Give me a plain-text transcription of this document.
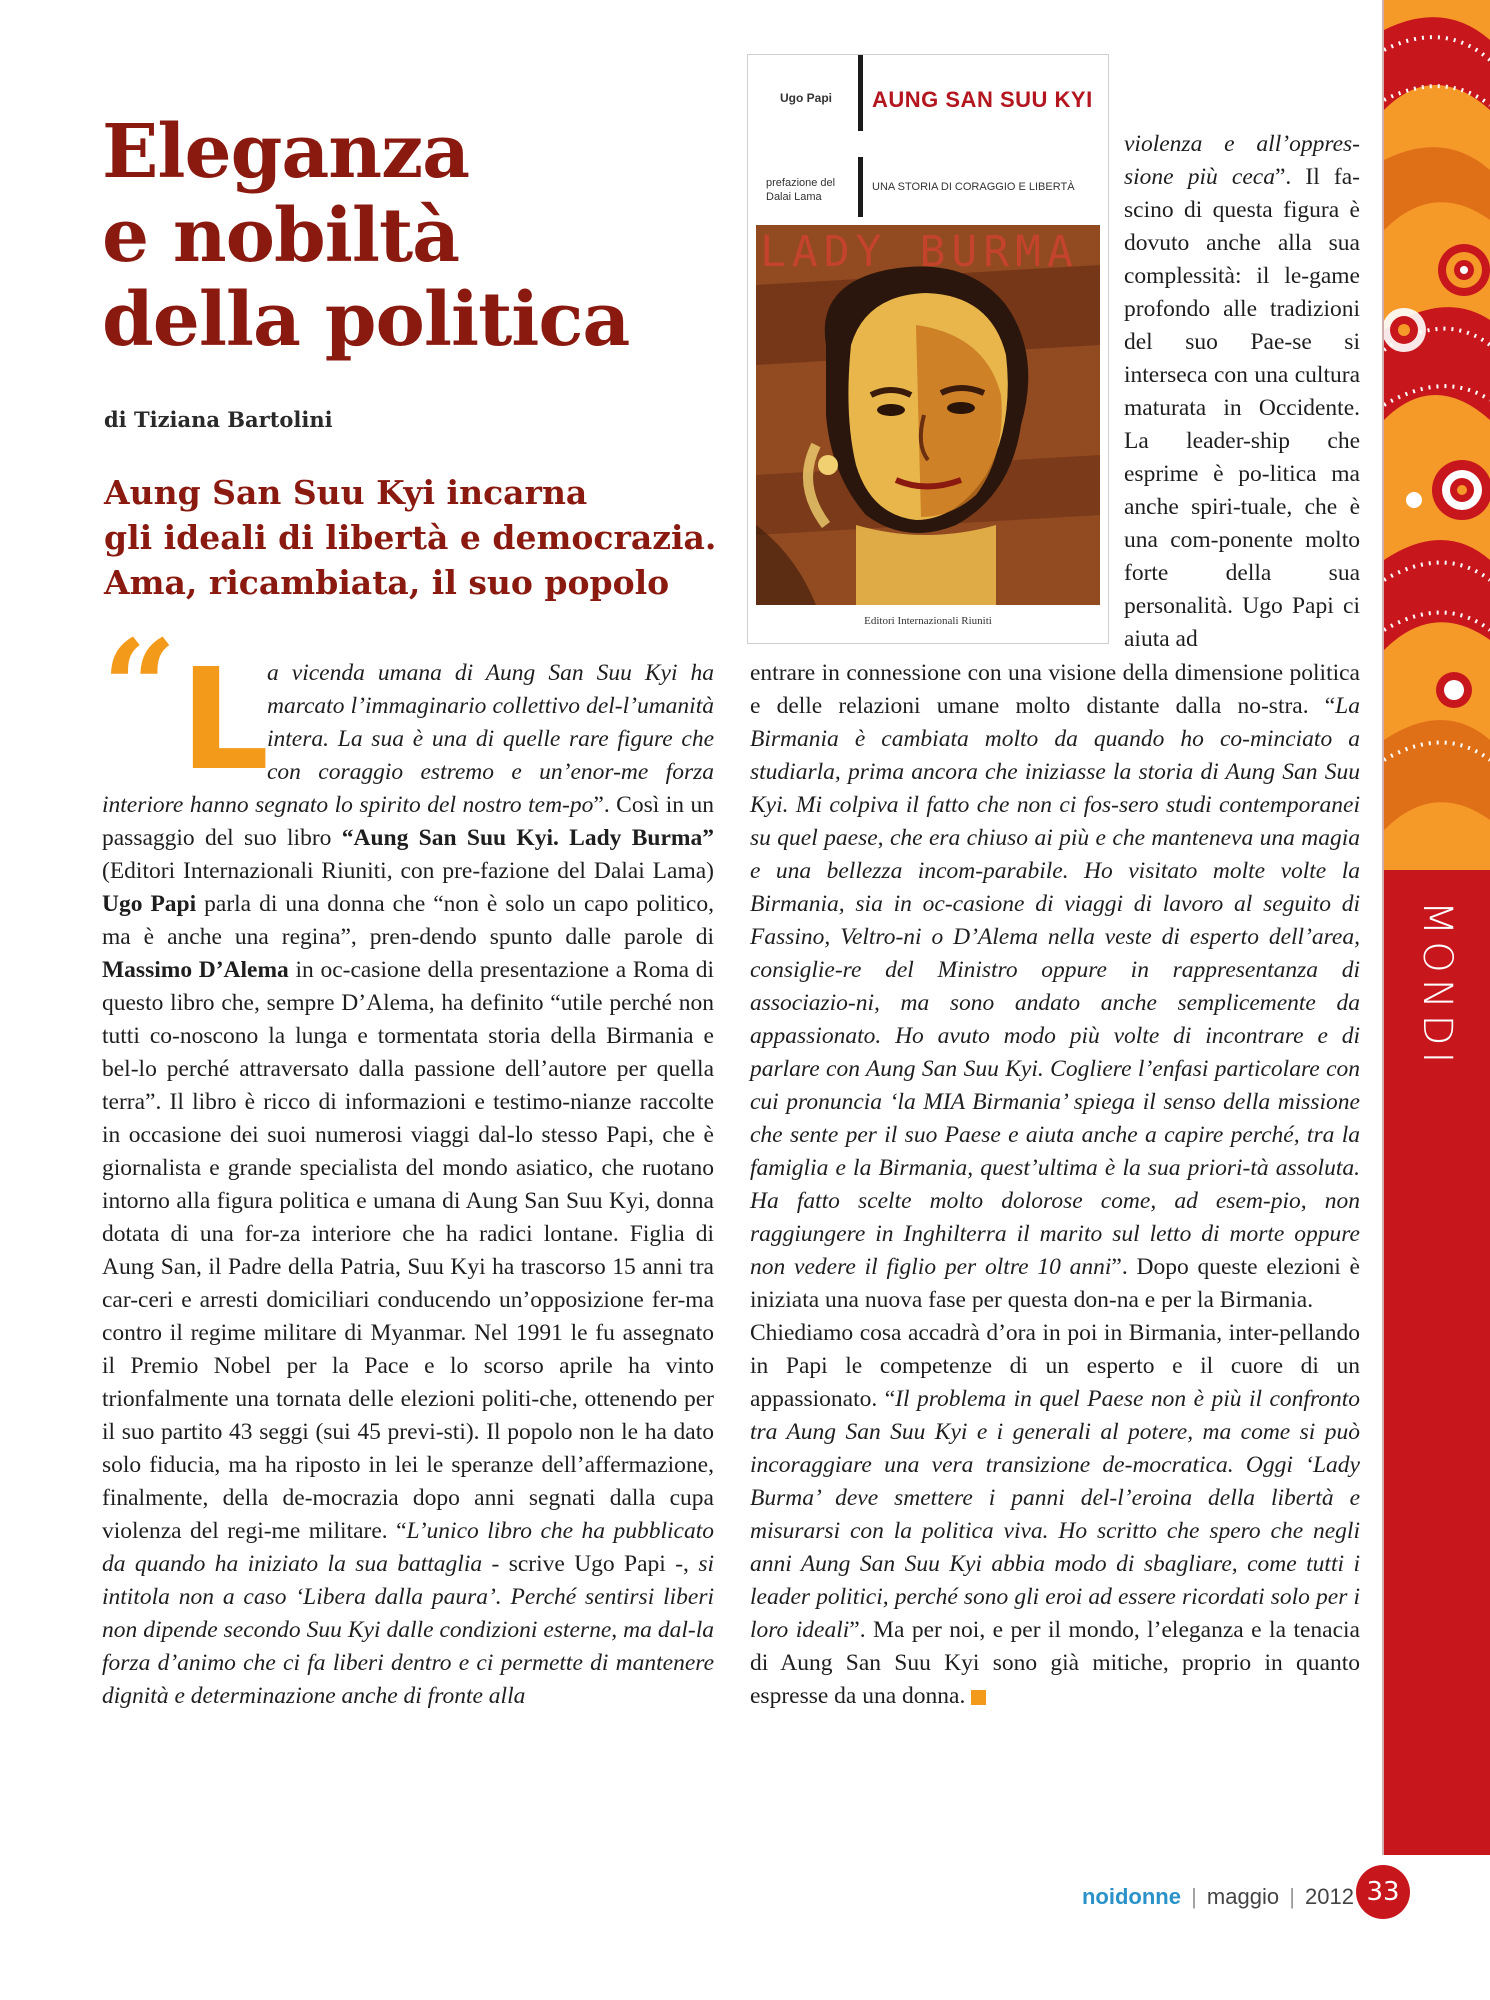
Eleganza
e nobiltà
della politica
di Tiziana Bartolini
Aung San Suu Kyi incarna
gli ideali di libertà e democrazia.
Ama, ricambiata, il suo popolo
Ugo Papi AUNG SAN SUU KYI
prefazione del
Dalai Lama
UNA STORIA DI CORAGGIO E LIBERTÀ
LADY BURMA
Editori Internazionali Riuniti

“ L
a vicenda umana di Aung San Suu Kyi ha marcato l’immaginario collettivo del-l’umanità intera. La sua è una di quelle rare figure che con coraggio estremo e un’enor-me forza interiore hanno segnato lo spirito del nostro tem-po”. Così in un passaggio del suo libro “Aung San Suu Kyi. Lady Burma” (Editori Internazionali Riuniti, con pre-fazione del Dalai Lama) Ugo Papi parla di una donna che “non è solo un capo politico, ma è anche una regina”, pren-dendo spunto dalle parole di Massimo D’Alema in oc-casione della presentazione a Roma di questo libro che, sempre D’Alema, ha definito “utile perché non tutti co-noscono la lunga e tormentata storia della Birmania e bel-lo perché attraversato dalla passione dell’autore per quella terra”. Il libro è ricco di informazioni e testimo-nianze raccolte in occasione dei suoi numerosi viaggi dal-lo stesso Papi, che è giornalista e grande specialista del mondo asiatico, che ruotano intorno alla figura politica e umana di Aung San Suu Kyi, donna dotata di una for-za interiore che ha radici lontane. Figlia di Aung San, il Padre della Patria, Suu Kyi ha trascorso 15 anni tra car-ceri e arresti domiciliari conducendo un’opposizione fer-ma contro il regime militare di Myanmar. Nel 1991 le fu assegnato il Premio Nobel per la Pace e lo scorso aprile ha vinto trionfalmente una tornata delle elezioni politi-che, ottenendo per il suo partito 43 seggi (sui 45 previ-sti). Il popolo non le ha dato solo fiducia, ma ha riposto in lei le speranze dell’affermazione, finalmente, della de-mocrazia dopo anni segnati dalla cupa violenza del regi-me militare. “L’unico libro che ha pubblicato da quando ha iniziato la sua battaglia - scrive Ugo Papi -, si intitola non a caso ‘Libera dalla paura’. Perché sentirsi liberi non dipende secondo Suu Kyi dalle condizioni esterne, ma dal-la forza d’animo che ci fa liberi dentro e ci permette di mantenere dignità e determinazione anche di fronte alla

violenza e all’oppres-sione più ceca”. Il fa-scino di questa figura è dovuto anche alla sua complessità: il le-game profondo alle tradizioni del suo Pae-se si interseca con una cultura maturata in Occidente. La leader-ship che esprime è po-litica ma anche spiri-tuale, che è una com-ponente molto forte della sua personalità. Ugo Papi ci aiuta ad

entrare in connessione con una visione della dimensione politica e delle relazioni umane molto distante dalla no-stra. “La Birmania è cambiata molto da quando ho co-minciato a studiarla, prima ancora che iniziasse la storia di Aung San Suu Kyi. Mi colpiva il fatto che non ci fos-sero studi contemporanei su quel paese, che era chiuso ai più e che manteneva una magia e una bellezza incom-parabile. Ho visitato molte volte la Birmania, sia in oc-casione di viaggi di lavoro al seguito di Fassino, Veltro-ni o D’Alema nella veste di esperto dell’area, consiglie-re del Ministro oppure in rappresentanza di associazio-ni, ma sono andato anche semplicemente da appassionato. Ho avuto modo più volte di incontrare e di parlare con Aung San Suu Kyi. Cogliere l’enfasi particolare con cui pronuncia ‘la MIA Birmania’ spiega il senso della missione che sente per il suo Paese e aiuta anche a capire perché, tra la famiglia e la Birmania, quest’ultima è la sua priori-tà assoluta. Ha fatto scelte molto dolorose come, ad esem-pio, non raggiungere in Inghilterra il marito sul letto di morte oppure non vedere il figlio per oltre 10 anni”. Dopo queste elezioni è iniziata una nuova fase per questa don-na e per la Birmania.

Chiediamo cosa accadrà d’ora in poi in Birmania, inter-pellando in Papi le competenze di un esperto e il cuore di un appassionato. “Il problema in quel Paese non è più il confronto tra Aung San Suu Kyi e i generali al potere, ma come si può incoraggiare una vera transizione de-mocratica. Oggi ‘Lady Burma’ deve smettere i panni del-l’eroina della libertà e misurarsi con la politica viva. Ho scritto che spero che negli anni Aung San Suu Kyi abbia modo di sbagliare, come tutti i leader politici, perché sono gli eroi ad essere ricordati solo per i loro ideali”. Ma per noi, e per il mondo, l’eleganza e la tenacia di Aung San Suu Kyi sono già mitiche, proprio in quanto espresse da una donna.

MONDI
noidonne | maggio | 2012 33
